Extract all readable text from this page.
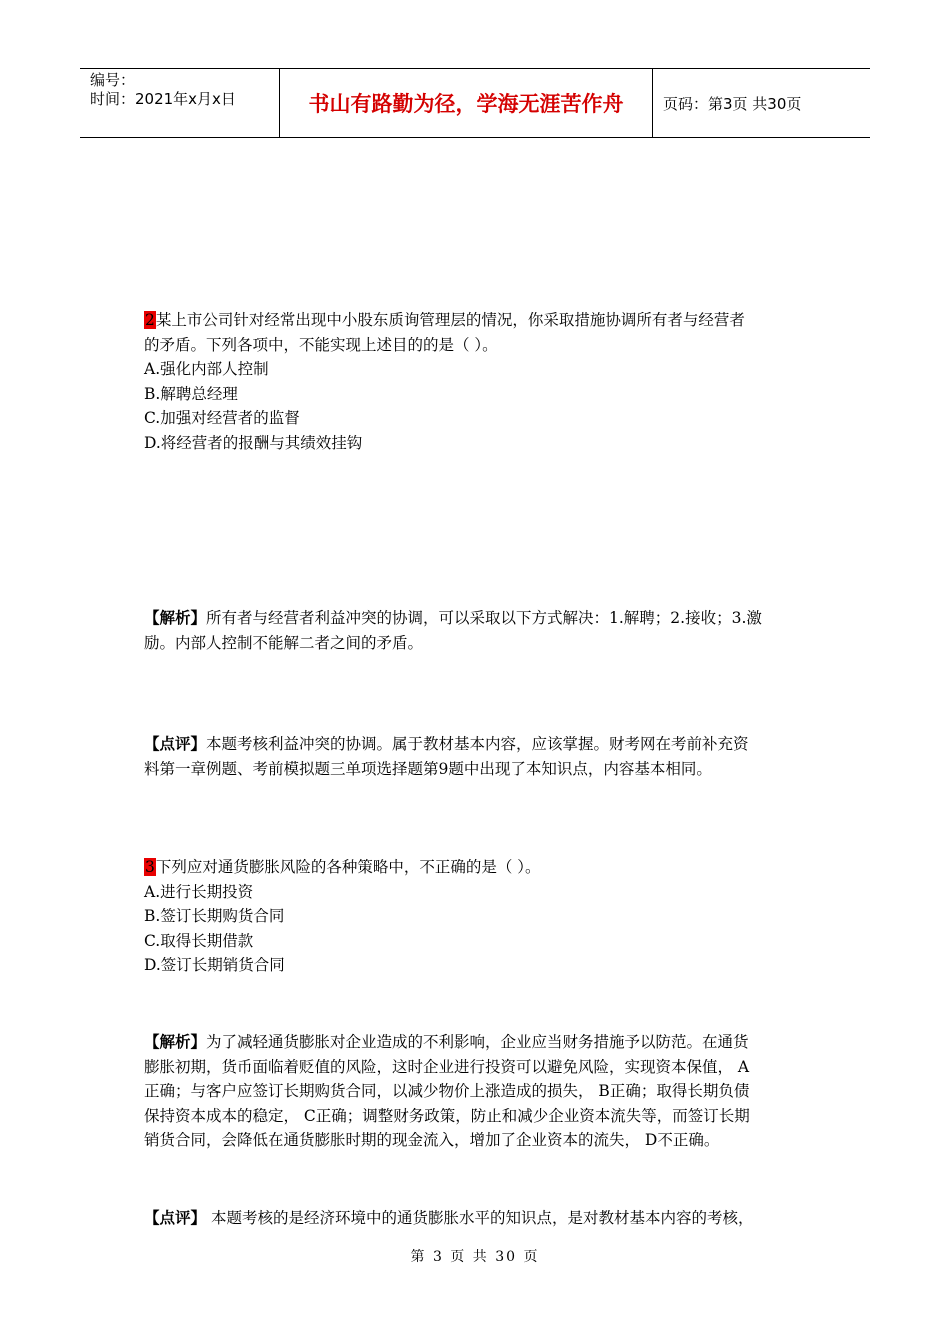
编号：
时间：2021年x月x日	书山有路勤为径，学海无涯苦作舟	页码：第3页 共30页

2某上市公司针对经常出现中小股东质询管理层的情况，你采取措施协调所有者与经营者

的矛盾。下列各项中，不能实现上述目的的是（ ）。

A.强化内部人控制

B.解聘总经理

C.加强对经营者的监督

D.将经营者的报酬与其绩效挂钩

【解析】所有者与经营者利益冲突的协调，可以采取以下方式解决：1.解聘；2.接收；3.激

励。内部人控制不能解二者之间的矛盾。

【点评】本题考核利益冲突的协调。属于教材基本内容，应该掌握。财考网在考前补充资

料第一章例题、考前模拟题三单项选择题第9题中出现了本知识点，内容基本相同。

3下列应对通货膨胀风险的各种策略中，不正确的是（ ）。

A.进行长期投资

B.签订长期购货合同

C.取得长期借款

D.签订长期销货合同

【解析】为了减轻通货膨胀对企业造成的不利影响，企业应当财务措施予以防范。在通货

膨胀初期，货币面临着贬值的风险，这时企业进行投资可以避免风险，实现资本保值， A

正确；与客户应签订长期购货合同，以减少物价上涨造成的损失， B正确；取得长期负债

保持资本成本的稳定， C正确；调整财务政策，防止和减少企业资本流失等，而签订长期

销货合同，会降低在通货膨胀时期的现金流入，增加了企业资本的流失， D不正确。

【点评】 本题考核的是经济环境中的通货膨胀水平的知识点，是对教材基本内容的考核，

第 3 页 共 30 页
